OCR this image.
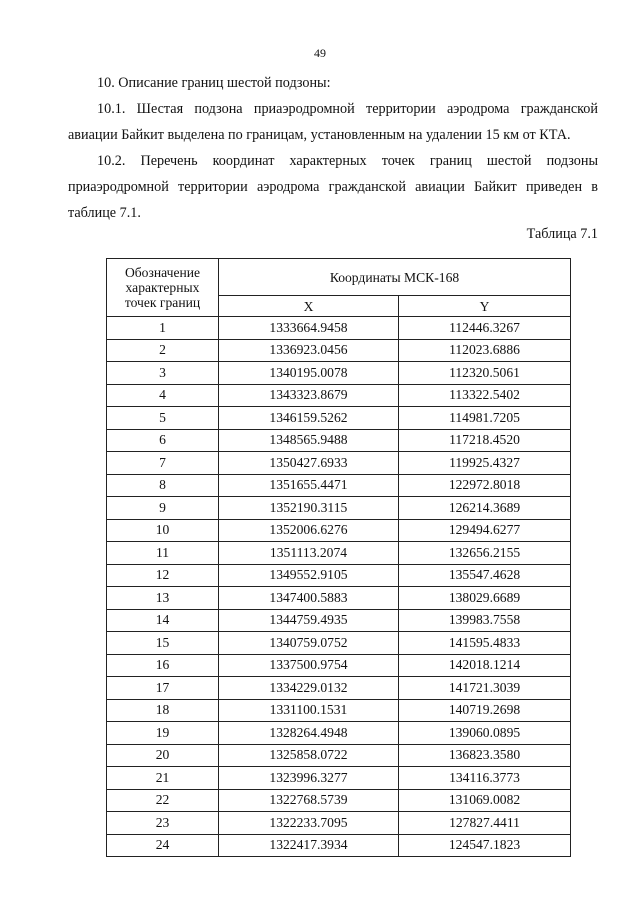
49

10. Описание границ шестой подзоны:

10.1. Шестая подзона приаэродромной территории аэродрома гражданской авиации Байкит выделена по границам, установленным на удалении 15 км от КТА.

10.2. Перечень координат характерных точек границ шестой подзоны приаэродромной территории аэродрома гражданской авиации Байкит приведен в таблице 7.1.

Таблица 7.1
Обозначение характерных точек границ	Координаты МСК-168	
	X	Y
1	1333664.9458	112446.3267
2	1336923.0456	112023.6886
3	1340195.0078	112320.5061
4	1343323.8679	113322.5402
5	1346159.5262	114981.7205
6	1348565.9488	117218.4520
7	1350427.6933	119925.4327
8	1351655.4471	122972.8018
9	1352190.3115	126214.3689
10	1352006.6276	129494.6277
11	1351113.2074	132656.2155
12	1349552.9105	135547.4628
13	1347400.5883	138029.6689
14	1344759.4935	139983.7558
15	1340759.0752	141595.4833
16	1337500.9754	142018.1214
17	1334229.0132	141721.3039
18	1331100.1531	140719.2698
19	1328264.4948	139060.0895
20	1325858.0722	136823.3580
21	1323996.3277	134116.3773
22	1322768.5739	131069.0082
23	1322233.7095	127827.4411
24	1322417.3934	124547.1823
